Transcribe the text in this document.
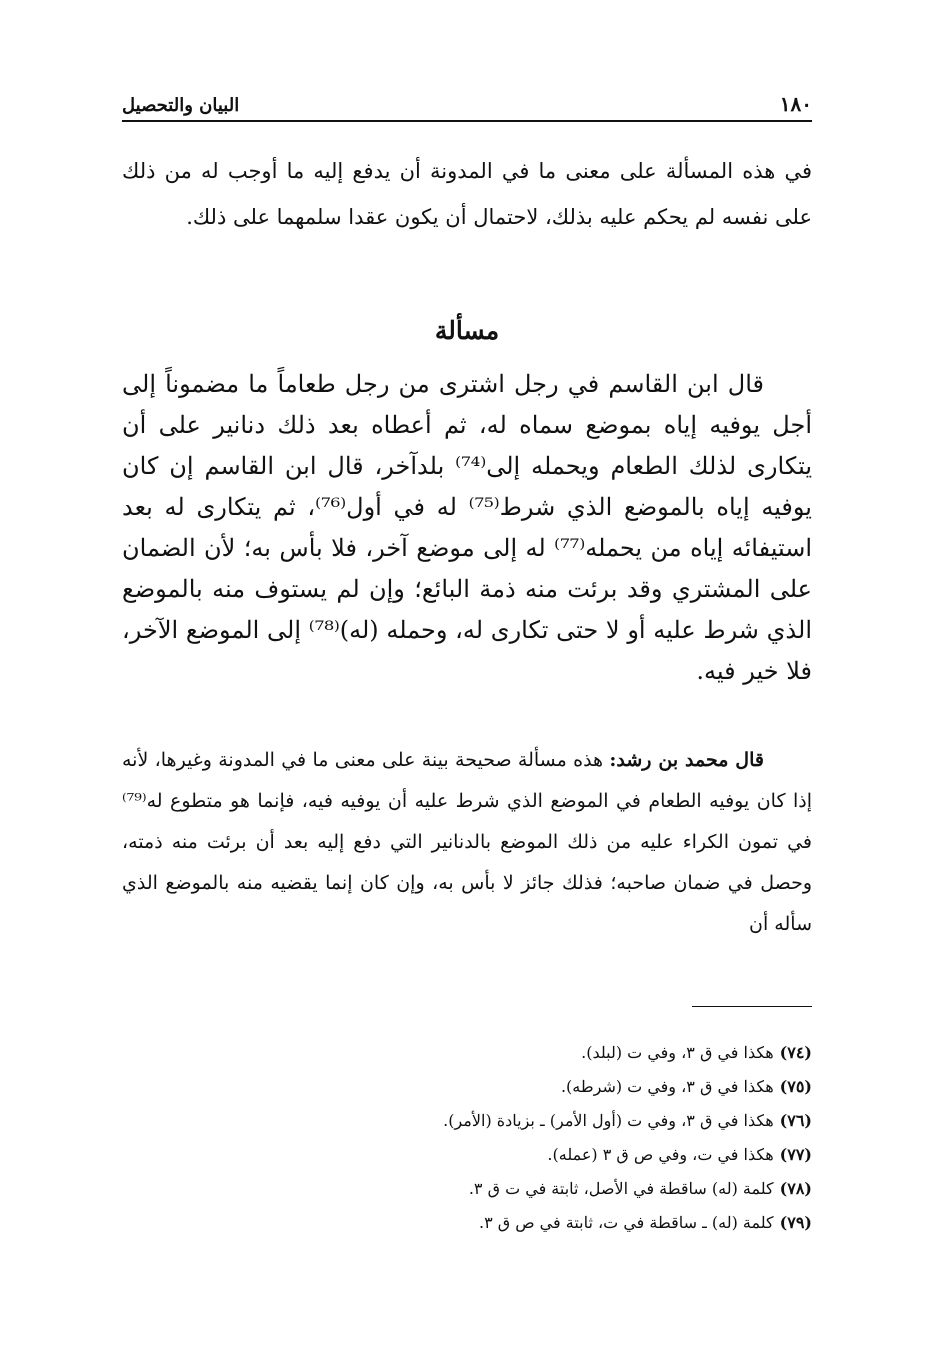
١٨٠
البيان والتحصيل

في هذه المسألة على معنى ما في المدونة أن يدفع إليه ما أوجب له من ذلك على نفسه لم يحكم عليه بذلك، لاحتمال أن يكون عقدا سلمهما على ذلك.

مسألة

قال ابن القاسم في رجل اشترى من رجل طعاماً ما مضموناً إلى أجل يوفيه إياه بموضع سماه له، ثم أعطاه بعد ذلك دنانير على أن يتكارى لذلك الطعام ويحمله إلى⁽⁷⁴⁾ بلدآخر، قال ابن القاسم إن كان يوفيه إياه بالموضع الذي شرط⁽⁷⁵⁾ له في أول⁽⁷⁶⁾، ثم يتكارى له بعد استيفائه إياه من يحمله⁽⁷⁷⁾ له إلى موضع آخر، فلا بأس به؛ لأن الضمان على المشتري وقد برئت منه ذمة البائع؛ وإن لم يستوف منه بالموضع الذي شرط عليه أو لا حتى تكارى له، وحمله (له)⁽⁷⁸⁾ إلى الموضع الآخر، فلا خير فيه.

قال محمد بن رشد: هذه مسألة صحيحة بينة على معنى ما في المدونة وغيرها، لأنه إذا كان يوفيه الطعام في الموضع الذي شرط عليه أن يوفيه فيه، فإنما هو متطوع له⁽⁷⁹⁾ في تمون الكراء عليه من ذلك الموضع بالدنانير التي دفع إليه بعد أن برئت منه ذمته، وحصل في ضمان صاحبه؛ فذلك جائز لا بأس به، وإن كان إنما يقضيه منه بالموضع الذي سأله أن

(٧٤)هكذا في ق ٣، وفي ت (لبلد).
(٧٥)هكذا في ق ٣، وفي ت (شرطه).
(٧٦)هكذا في ق ٣، وفي ت (أول الأمر) ـ بزيادة (الأمر).
(٧٧)هكذا في ت، وفي ص ق ٣ (عمله).
(٧٨)كلمة (له) ساقطة في الأصل، ثابتة في ت ق ٣.
(٧٩)كلمة (له) ـ ساقطة في ت، ثابتة في ص ق ٣.
